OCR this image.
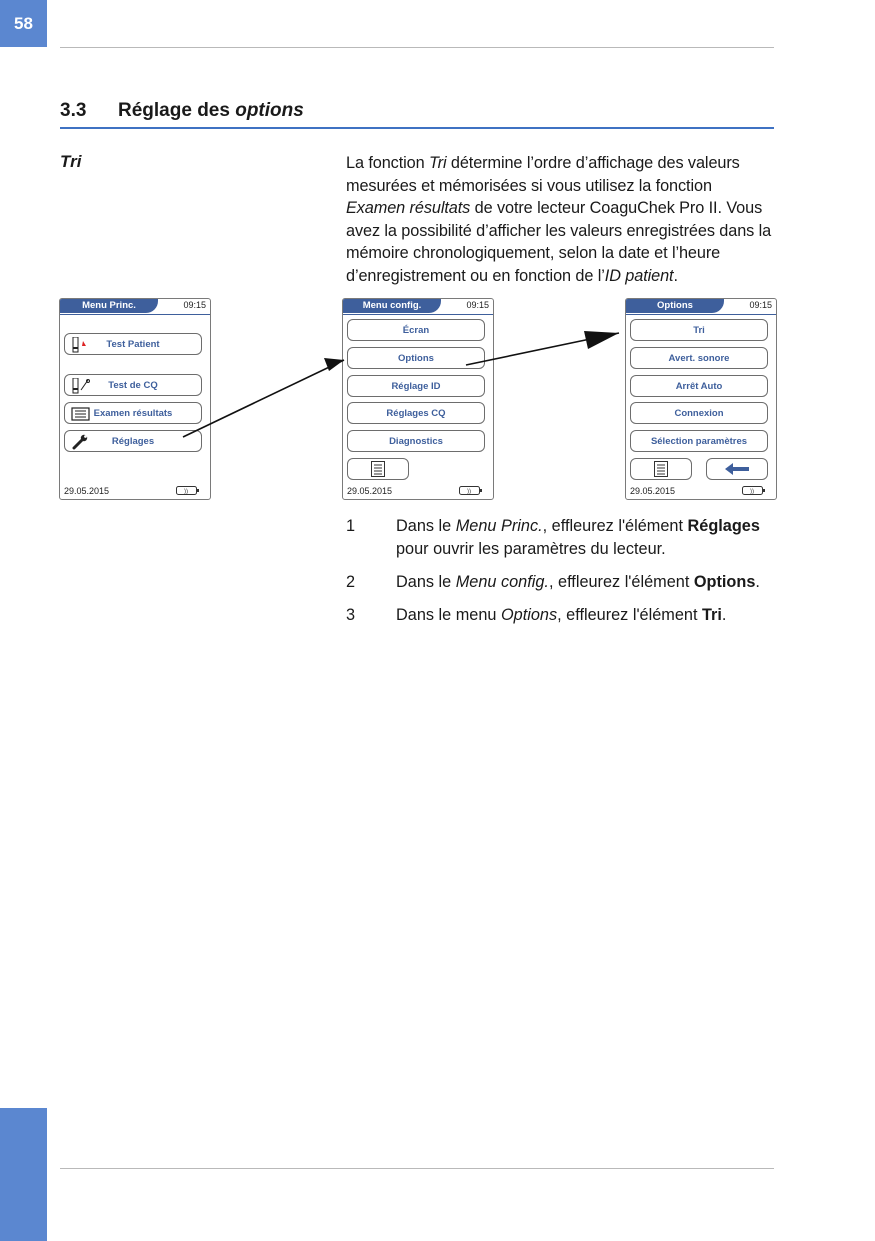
58
3.3 Réglage des options
Tri	La fonction Tri détermine l’ordre d’affichage des valeurs mesurées et mémorisées si vous utilisez la fonction Examen résultats de votre lecteur CoaguChek Pro II. Vous avez la possibilité d’afficher les valeurs enregistrées dans la mémoire chronologiquement, selon la date et l’heure d’enregistrement ou en fonction de l’ID patient.

Menu Princ.	09:15
Test Patient
Test de CQ
Examen résultats
Réglages
29.05.2015	))
Menu config.	09:15
Écran
Options
Réglage ID
Réglages CQ
Diagnostics
29.05.2015	))
Options	09:15
Tri
Avert. sonore
Arrêt Auto
Connexion
Sélection paramètres
29.05.2015	))
1	Dans le Menu Princ., effleurez l'élément Réglages pour ouvrir les paramètres du lecteur.
2	Dans le Menu config., effleurez l'élément Options.
3	Dans le menu Options, effleurez l'élément Tri.
